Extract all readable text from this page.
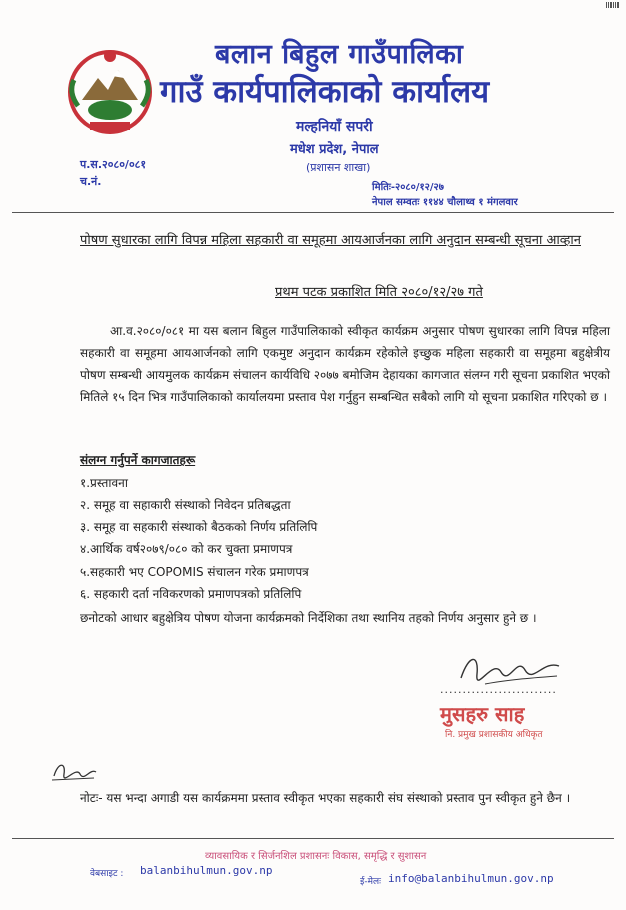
बलान बिहुल गाउँपालिका
गाउँ कार्यपालिकाको कार्यालय
मल्हनियाँ सपरी
मधेश प्रदेश, नेपाल
(प्रशासन शाखा)
प.स.२०८०/०८१
च.नं.	मितिः-२०८०/१२/२७
नेपाल सम्वतः ११४४ चौलाथ्व १ मंगलवार
पोषण सुधारका लागि विपन्न महिला सहकारी वा समूहमा आयआर्जनका लागि अनुदान सम्बन्धी सूचना आव्हान
प्रथम पटक प्रकाशित मिति २०८०/१२/२७ गते
आ.व.२०८०/०८१ मा यस बलान बिहुल गाउँपालिकाको स्वीकृत कार्यक्रम अनुसार पोषण सुधारका लागि विपन्न महिला सहकारी वा समूहमा आयआर्जनको लागि एकमुष्ट अनुदान कार्यक्रम रहेकोले इच्छुक महिला सहकारी वा समूहमा बहुक्षेत्रीय पोषण सम्बन्धी आयमुलक कार्यक्रम संचालन कार्यविधि २०७७ बमोजिम देहायका कागजात संलग्न गरी सूचना प्रकाशित भएको मितिले १५ दिन भित्र गाउँपालिकाको कार्यालयमा प्रस्ताव पेश गर्नुहुन सम्बन्धित सबैको लागि यो सूचना प्रकाशित गरिएको छ ।
संलग्न गर्नुपर्ने कागजातहरू
१.प्रस्तावना
२. समूह वा सहाकारी संस्थाको निवेदन प्रतिबद्धता
३. समूह वा सहकारी संस्थाको बैठकको निर्णय प्रतिलिपि
४.आर्थिक वर्ष२०७९/०८० को कर चुक्ता प्रमाणपत्र
५.सहकारी भए COPOMIS संचालन गरेक प्रमाणपत्र
६. सहकारी दर्ता नविकरणको प्रमाणपत्रको प्रतिलिपि
छनोटको आधार बहुक्षेत्रिय पोषण योजना कार्यक्रमको निर्देशिका तथा स्थानिय तहको निर्णय अनुसार हुने छ ।
..........................
मुसहरु साह
नि. प्रमुख प्रशासकीय अधिकृत
नोटः- यस भन्दा अगाडी यस कार्यक्रममा प्रस्ताव स्वीकृत भएका सहकारी संघ संस्थाको प्रस्ताव पुन स्वीकृत हुने छैन ।
व्यावसायिक र सिर्जनशिल प्रशासनः विकास, समृद्धि र सुशासन
वेबसाइट : balanbihulmun.gov.np
ई-मेलः info@balanbihulmun.gov.np
